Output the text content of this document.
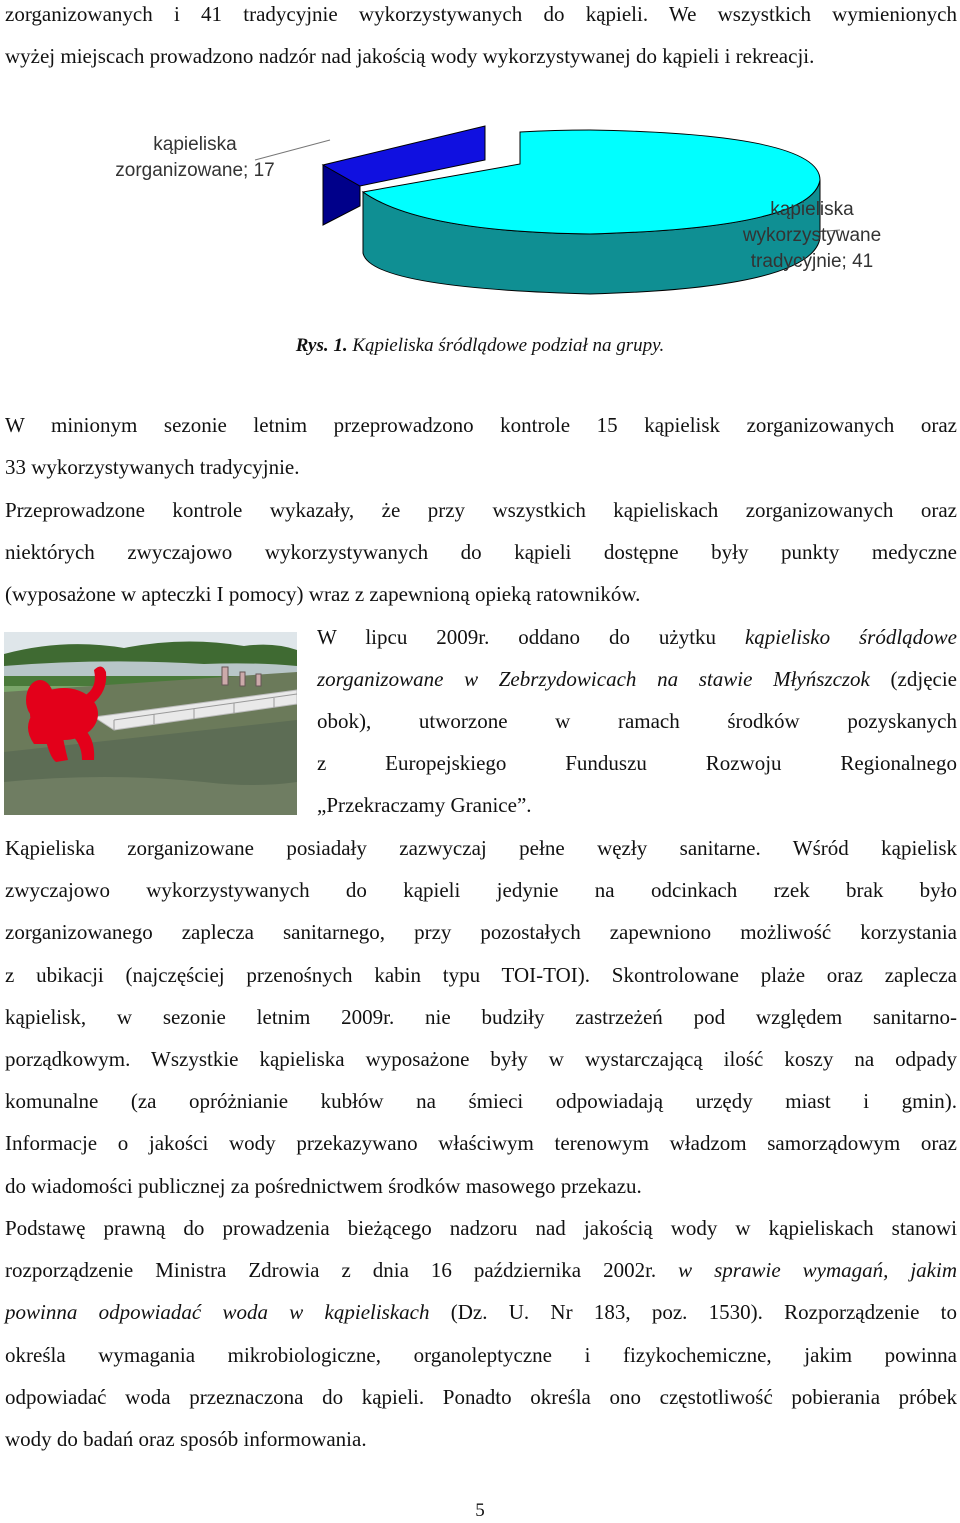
zorganizowanych i 41 tradycyjnie wykorzystywanych do kąpieli. We wszystkich wymienionych
wyżej miejscach prowadzono nadzór nad jakością wody wykorzystywanej do kąpieli i rekreacji.
kąpieliska
zorganizowane; 17
kąpieliska
wykorzystywane
tradycyjnie; 41
Rys. 1. Kąpieliska śródlądowe podział na grupy.
W minionym sezonie letnim przeprowadzono kontrole 15 kąpielisk zorganizowanych oraz
33 wykorzystywanych tradycyjnie.
Przeprowadzone kontrole wykazały, że przy wszystkich kąpieliskach zorganizowanych oraz
niektórych zwyczajowo wykorzystywanych do kąpieli dostępne były punkty medyczne
(wyposażone w apteczki I pomocy) wraz z zapewnioną opieką ratowników.
W lipcu 2009r. oddano do użytku kąpielisko śródlądowe
zorganizowane w Zebrzydowicach na stawie Młyńszczok (zdjęcie
obok), utworzone w ramach środków pozyskanych
z Europejskiego Funduszu Rozwoju Regionalnego
„Przekraczamy Granice”.
Kąpieliska zorganizowane posiadały zazwyczaj pełne węzły sanitarne. Wśród kąpielisk
zwyczajowo wykorzystywanych do kąpieli jedynie na odcinkach rzek brak było
zorganizowanego zaplecza sanitarnego, przy pozostałych zapewniono możliwość korzystania
z ubikacji (najczęściej przenośnych kabin typu TOI-TOI). Skontrolowane plaże oraz zaplecza
kąpielisk, w sezonie letnim 2009r. nie budziły zastrzeżeń pod względem sanitarno-
porządkowym. Wszystkie kąpieliska wyposażone były w wystarczającą ilość koszy na odpady
komunalne (za opróżnianie kubłów na śmieci odpowiadają urzędy miast i gmin).
Informacje o jakości wody przekazywano właściwym terenowym władzom samorządowym oraz
do wiadomości publicznej za pośrednictwem środków masowego przekazu.
Podstawę prawną do prowadzenia bieżącego nadzoru nad jakością wody w kąpieliskach stanowi
rozporządzenie Ministra Zdrowia z dnia 16 października 2002r. w sprawie wymagań, jakim
powinna odpowiadać woda w kąpieliskach (Dz. U. Nr 183, poz. 1530). Rozporządzenie to
określa wymagania mikrobiologiczne, organoleptyczne i fizykochemiczne, jakim powinna
odpowiadać woda przeznaczona do kąpieli. Ponadto określa ono częstotliwość pobierania próbek
wody do badań oraz sposób informowania.
5
